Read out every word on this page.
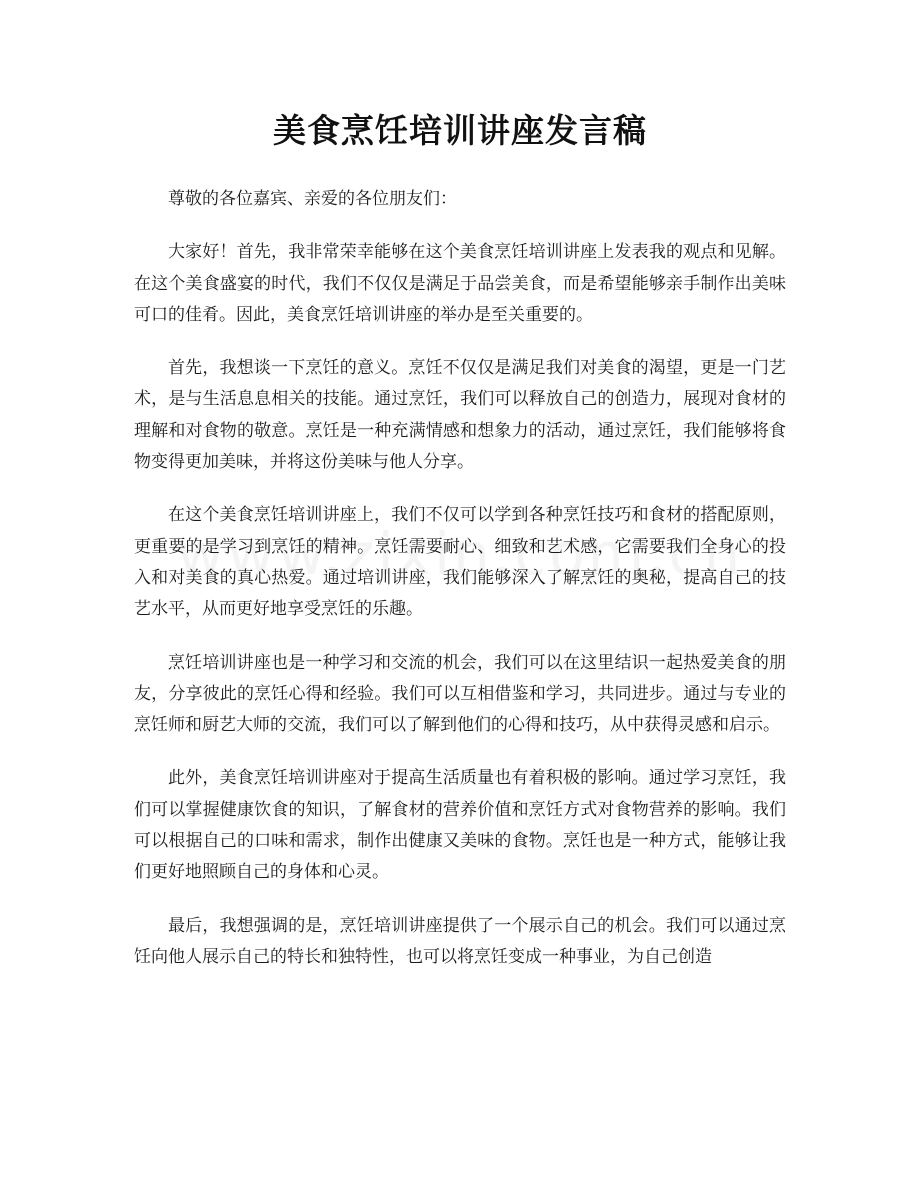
美食烹饪培训讲座发言稿

尊敬的各位嘉宾、亲爱的各位朋友们：

大家好！首先，我非常荣幸能够在这个美食烹饪培训讲座上发表我的观点和见解。在这个美食盛宴的时代，我们不仅仅是满足于品尝美食，而是希望能够亲手制作出美味可口的佳肴。因此，美食烹饪培训讲座的举办是至关重要的。

首先，我想谈一下烹饪的意义。烹饪不仅仅是满足我们对美食的渴望，更是一门艺术，是与生活息息相关的技能。通过烹饪，我们可以释放自己的创造力，展现对食材的理解和对食物的敬意。烹饪是一种充满情感和想象力的活动，通过烹饪，我们能够将食物变得更加美味，并将这份美味与他人分享。

在这个美食烹饪培训讲座上，我们不仅可以学到各种烹饪技巧和食材的搭配原则，更重要的是学习到烹饪的精神。烹饪需要耐心、细致和艺术感，它需要我们全身心的投入和对美食的真心热爱。通过培训讲座，我们能够深入了解烹饪的奥秘，提高自己的技艺水平，从而更好地享受烹饪的乐趣。

烹饪培训讲座也是一种学习和交流的机会，我们可以在这里结识一起热爱美食的朋友，分享彼此的烹饪心得和经验。我们可以互相借鉴和学习，共同进步。通过与专业的烹饪师和厨艺大师的交流，我们可以了解到他们的心得和技巧，从中获得灵感和启示。

此外，美食烹饪培训讲座对于提高生活质量也有着积极的影响。通过学习烹饪，我们可以掌握健康饮食的知识，了解食材的营养价值和烹饪方式对食物营养的影响。我们可以根据自己的口味和需求，制作出健康又美味的食物。烹饪也是一种方式，能够让我们更好地照顾自己的身体和心灵。

最后，我想强调的是，烹饪培训讲座提供了一个展示自己的机会。我们可以通过烹饪向他人展示自己的特长和独特性，也可以将烹饪变成一种事业，为自己创造
